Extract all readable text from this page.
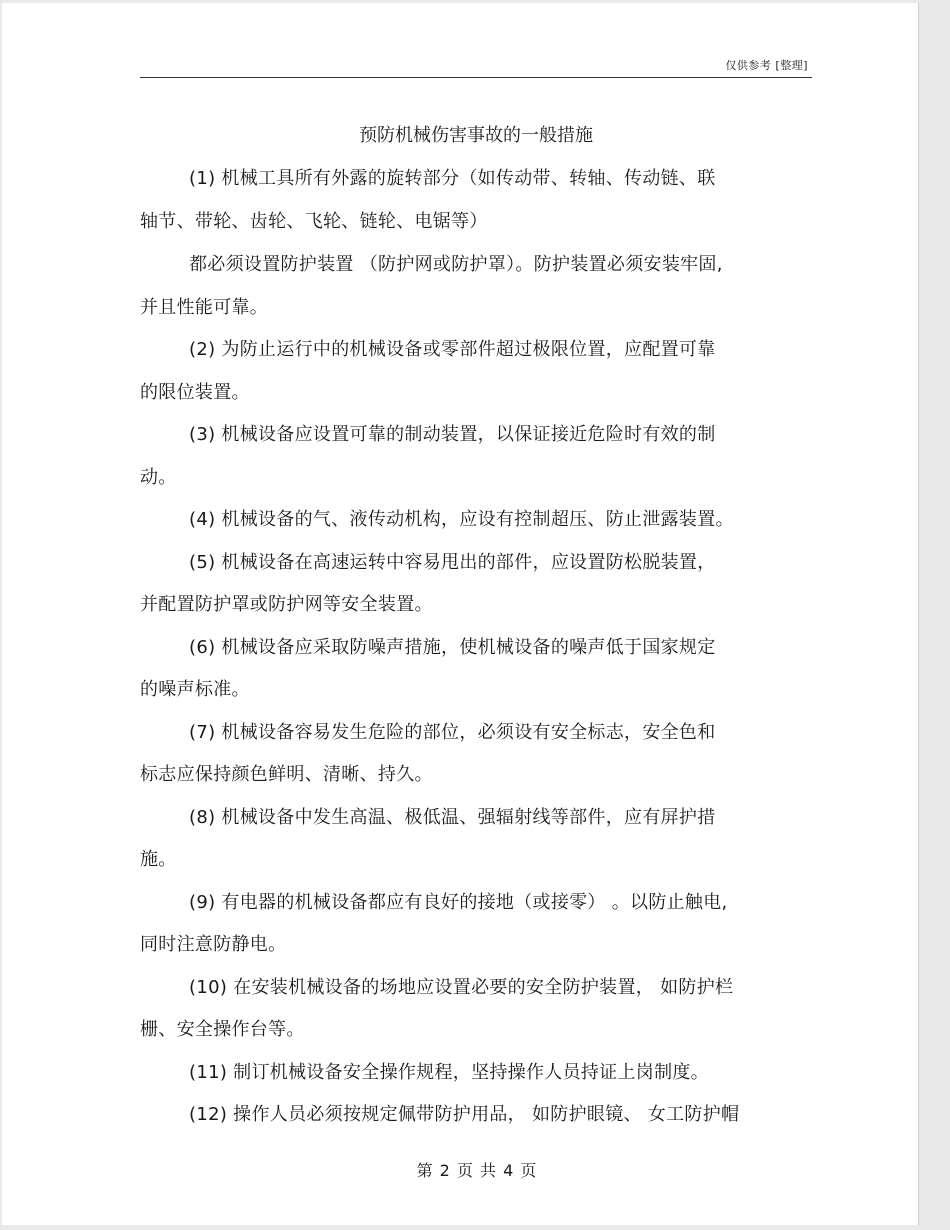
仅供参考 [整理]
预防机械伤害事故的一般措施
(1) 机械工具所有外露的旋转部分（如传动带、转轴、传动链、联
轴节、带轮、齿轮、飞轮、链轮、电锯等）
都必须设置防护装置 （防护网或防护罩）。防护装置必须安装牢固,
并且性能可靠。
(2) 为防止运行中的机械设备或零部件超过极限位置，应配置可靠
的限位装置。
(3) 机械设备应设置可靠的制动装置，以保证接近危险时有效的制
动。
(4) 机械设备的气、液传动机构，应设有控制超压、防止泄露装置。
(5) 机械设备在高速运转中容易甩出的部件，应设置防松脱装置，
并配置防护罩或防护网等安全装置。
(6) 机械设备应采取防噪声措施，使机械设备的噪声低于国家规定
的噪声标准。
(7) 机械设备容易发生危险的部位，必须设有安全标志，安全色和
标志应保持颜色鲜明、清晰、持久。
(8) 机械设备中发生高温、极低温、强辐射线等部件，应有屏护措
施。
(9) 有电器的机械设备都应有良好的接地（或接零） 。以防止触电,
同时注意防静电。
(10) 在安装机械设备的场地应设置必要的安全防护装置， 如防护栏
栅、安全操作台等。
(11) 制订机械设备安全操作规程，坚持操作人员持证上岗制度。
(12) 操作人员必须按规定佩带防护用品， 如防护眼镜、 女工防护帽
第 2 页 共 4 页
